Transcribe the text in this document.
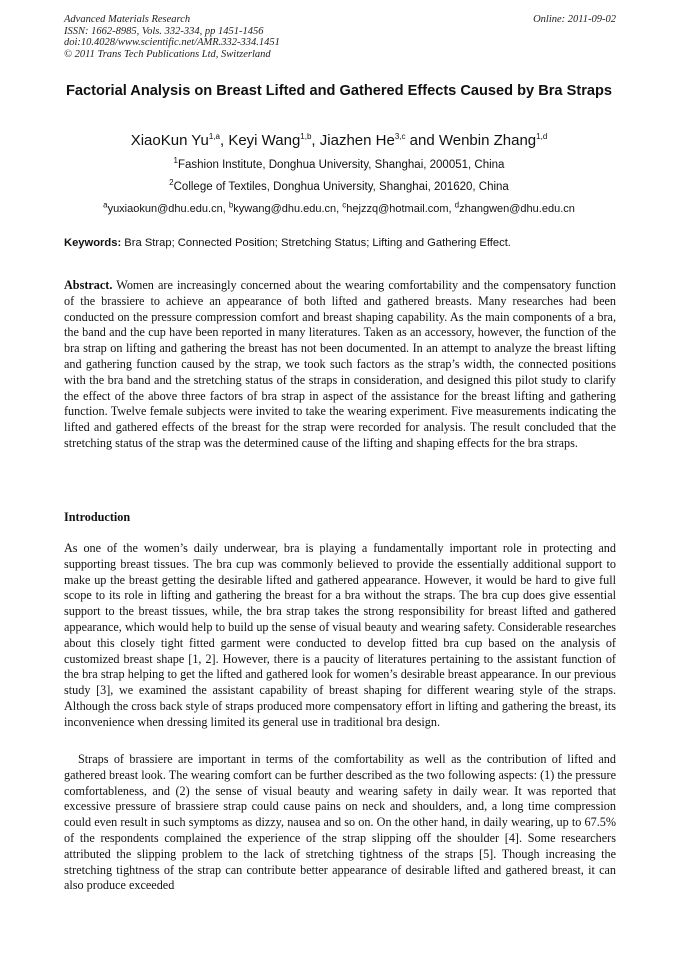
Advanced Materials Research
ISSN: 1662-8985, Vols. 332-334, pp 1451-1456
doi:10.4028/www.scientific.net/AMR.332-334.1451
© 2011 Trans Tech Publications Ltd, Switzerland
Online: 2011-09-02
Factorial Analysis on Breast Lifted and Gathered Effects Caused by Bra Straps
XiaoKun Yu$^{1,a}$, Keyi Wang$^{1,b}$, Jiazhen He$^{3,c}$ and Wenbin Zhang$^{1,d}$
$^1$Fashion Institute, Donghua University, Shanghai, 200051, China
$^2$College of Textiles, Donghua University, Shanghai, 201620, China
$^a$yuxiaokun@dhu.edu.cn, $^b$kywang@dhu.edu.cn, $^c$hejzzq@hotmail.com, $^d$zhangwen@dhu.edu.cn
Keywords: Bra Strap; Connected Position; Stretching Status; Lifting and Gathering Effect.

Abstract. Women are increasingly concerned about the wearing comfortability and the compensatory function of the brassiere to achieve an appearance of both lifted and gathered breasts. Many researches had been conducted on the pressure compression comfort and breast shaping capability. As the main components of a bra, the band and the cup have been reported in many literatures. Taken as an accessory, however, the function of the bra strap on lifting and gathering the breast has not been documented. In an attempt to analyze the breast lifting and gathering function caused by the strap, we took such factors as the strap’s width, the connected positions with the bra band and the stretching status of the straps in consideration, and designed this pilot study to clarify the effect of the above three factors of bra strap in aspect of the assistance for the breast lifting and gathering function. Twelve female subjects were invited to take the wearing experiment. Five measurements indicating the lifted and gathered effects of the breast for the strap were recorded for analysis. The result concluded that the stretching status of the strap was the determined cause of the lifting and shaping effects for the bra straps.

Introduction

As one of the women’s daily underwear, bra is playing a fundamentally important role in protecting and supporting breast tissues. The bra cup was commonly believed to provide the essentially additional support to make up the breast getting the desirable lifted and gathered appearance. However, it would be hard to give full scope to its role in lifting and gathering the breast for a bra without the straps. The bra cup does give essential support to the breast tissues, while, the bra strap takes the strong responsibility for breast lifted and gathered appearance, which would help to build up the sense of visual beauty and wearing safety. Considerable researches about this closely tight fitted garment were conducted to develop fitted bra cup based on the analysis of customized breast shape [1, 2]. However, there is a paucity of literatures pertaining to the assistant function of the bra strap helping to get the lifted and gathered look for women’s desirable breast appearance. In our previous study [3], we examined the assistant capability of breast shaping for different wearing style of the straps. Although the cross back style of straps produced more compensatory effort in lifting and gathering the breast, its inconvenience when dressing limited its general use in traditional bra design.

Straps of brassiere are important in terms of the comfortability as well as the contribution of lifted and gathered breast look. The wearing comfort can be further described as the two following aspects: (1) the pressure comfortableness, and (2) the sense of visual beauty and wearing safety in daily wear. It was reported that excessive pressure of brassiere strap could cause pains on neck and shoulders, and, a long time compression could even result in such symptoms as dizzy, nausea and so on. On the other hand, in daily wearing, up to 67.5% of the respondents complained the experience of the strap slipping off the shoulder [4]. Some researchers attributed the slipping problem to the lack of stretching tightness of the straps [5]. Though increasing the stretching tightness of the strap can contribute better appearance of desirable lifted and gathered breast, it can also produce exceeded
